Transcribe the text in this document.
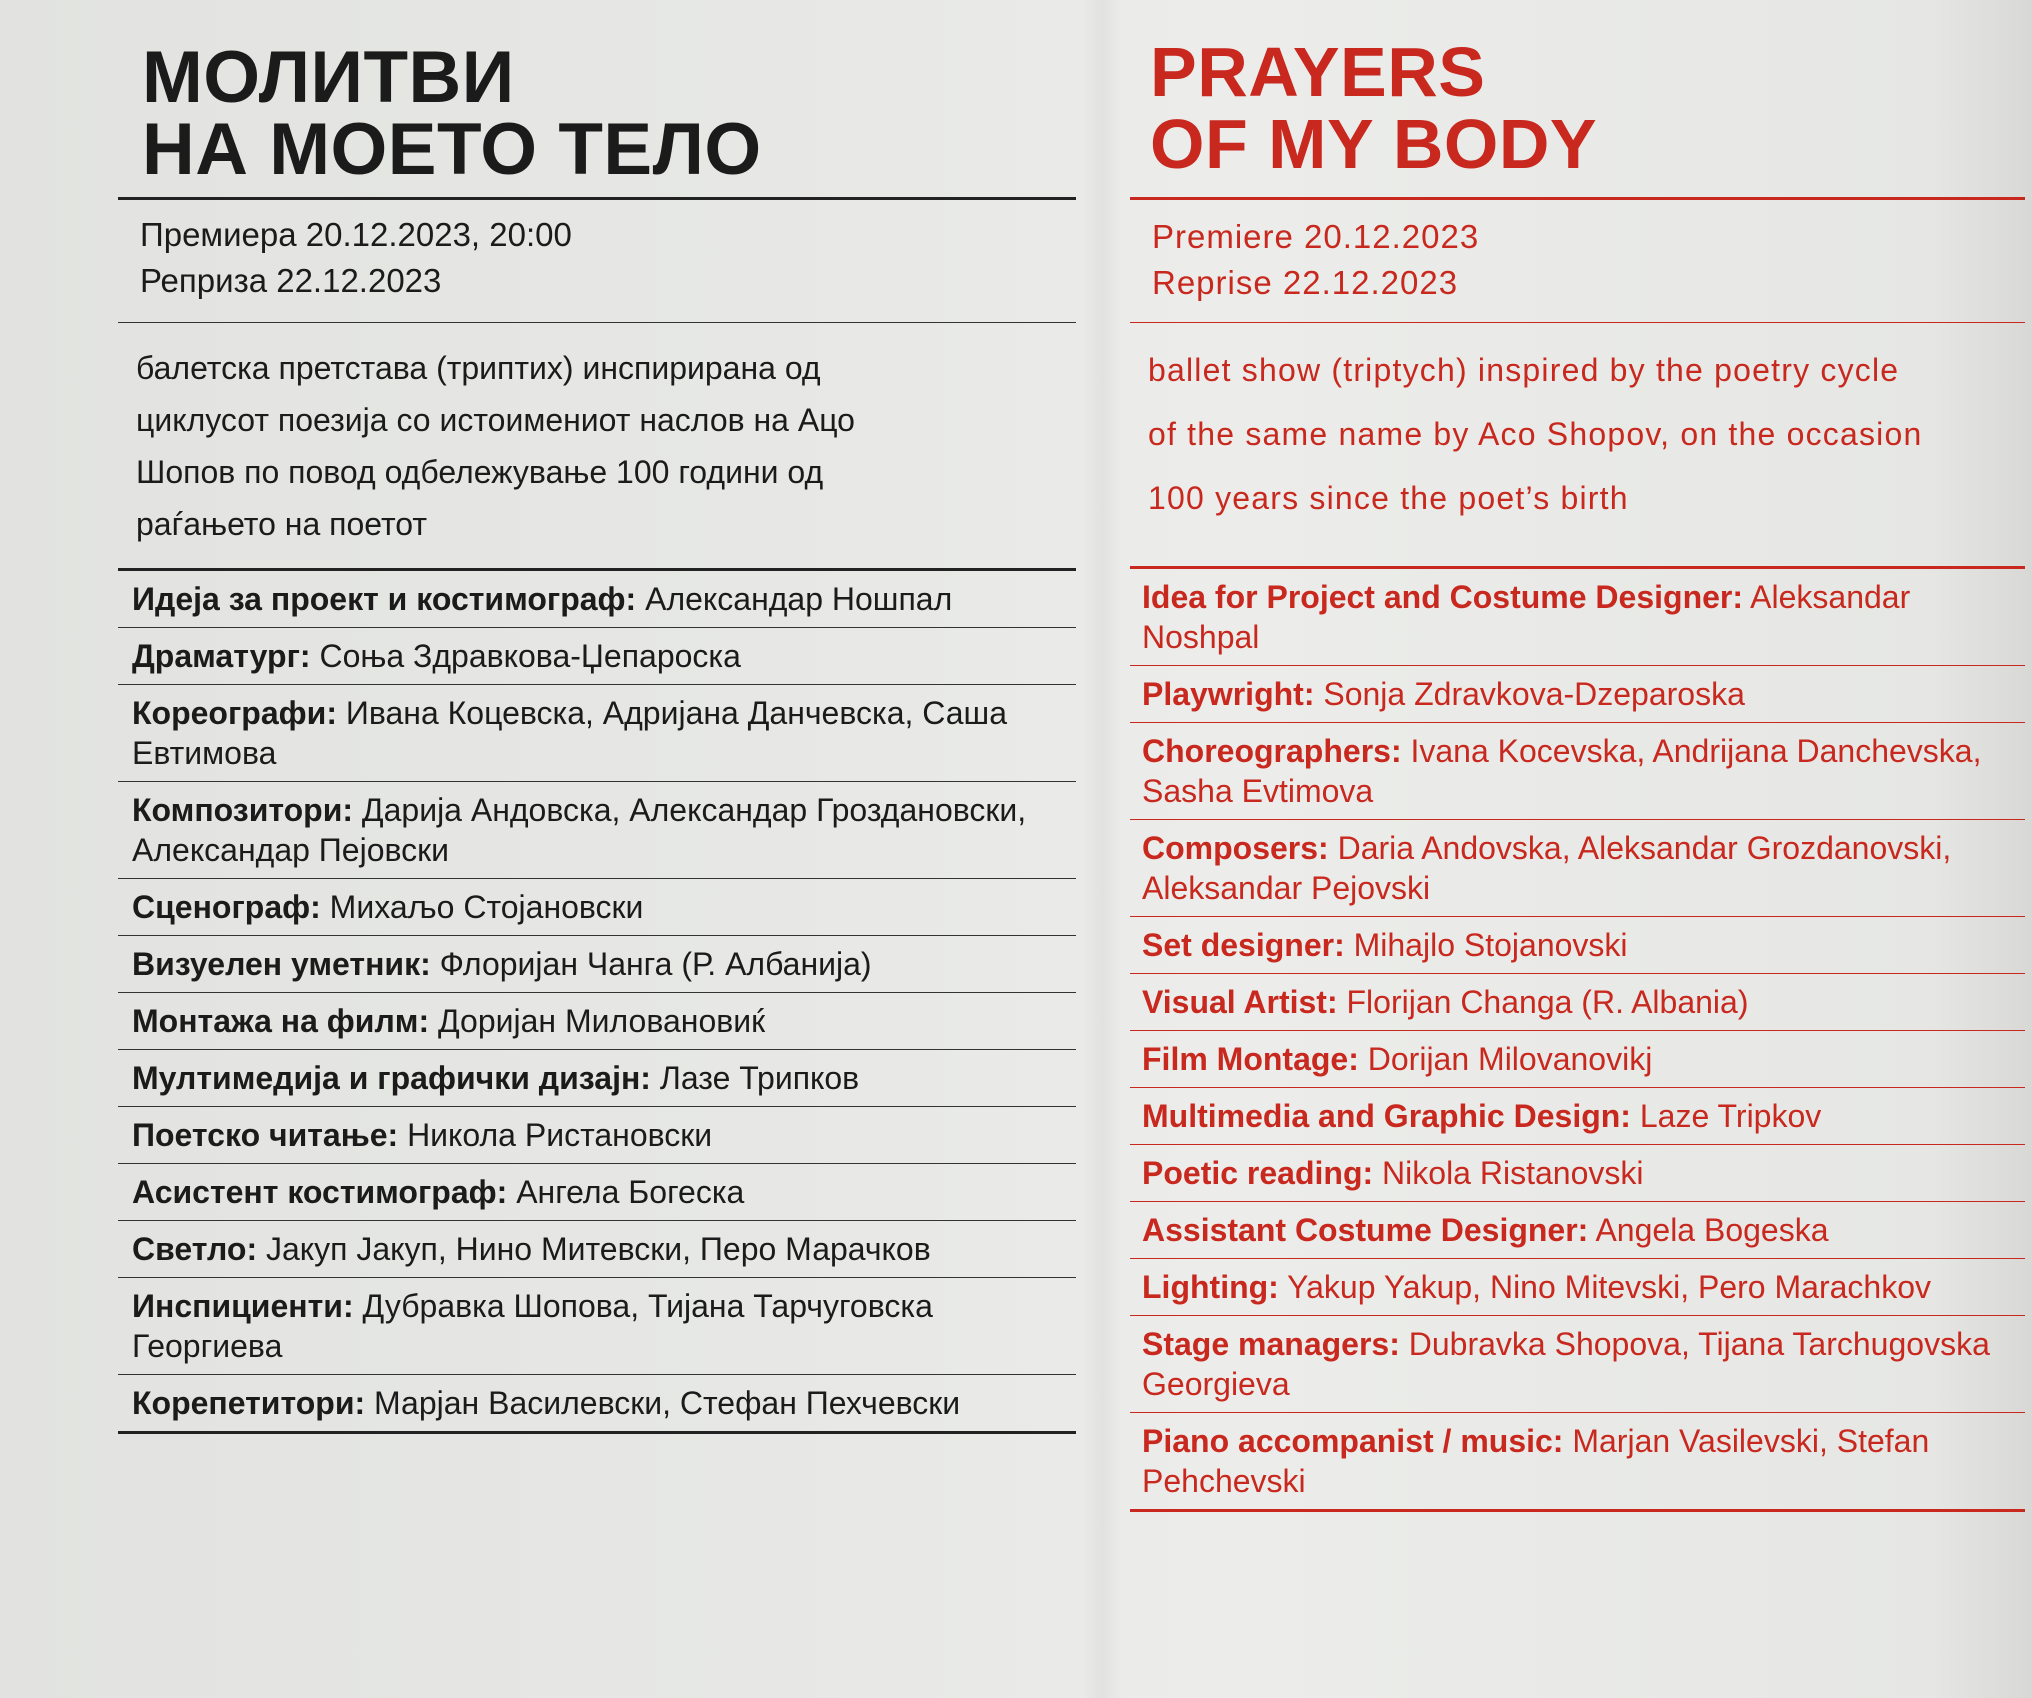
МОЛИТВИ
НА МОЕТО ТЕЛО
Премиера 20.12.2023, 20:00
Реприза 22.12.2023
балетска претстава (триптих) инспирирана од
циклусот поезија со истоимениот наслов на Ацо
Шопов по повод одбележување 100 години од
раѓањето на поетот
Идеја за проект и костимограф: Александар Ношпал
Драматург: Соња Здравкова-Џепароска
Кореографи: Ивана Коцевска, Адријана Данчевска, Саша Евтимова
Композитори: Дарија Андовска, Александар Гроздановски, Александар Пејовски
Сценограф: Михаљо Стојановски
Визуелен уметник: Флоријан Чанга (Р. Албанија)
Монтажа на филм: Доријан Миловановиќ
Мултимедија и графички дизајн: Лазе Трипков
Поетско читање: Никола Ристановски
Асистент костимограф: Ангела Богеска
Светло: Јакуп Јакуп, Нино Митевски, Перо Марачков
Инспициенти: Дубравка Шопова, Тијана Тарчуговска Георгиева
Корепетитори: Марјан Василевски, Стефан Пехчевски
PRAYERS
OF MY BODY
Premiere 20.12.2023
Reprise 22.12.2023
ballet show (triptych) inspired by the poetry cycle
of the same name by Aco Shopov, on the occasion
100 years since the poet’s birth
Idea for Project and Costume Designer: Aleksandar Noshpal
Playwright: Sonja Zdravkova-Dzeparoska
Choreographers: Ivana Kocevska, Andrijana Danchevska, Sasha Evtimova
Composers: Daria Andovska, Aleksandar Grozdanovski, Aleksandar Pejovski
Set designer: Mihajlo Stojanovski
Visual Artist: Florijan Changa (R. Albania)
Film Montage: Dorijan Milovanovikj
Multimedia and Graphic Design: Laze Tripkov
Poetic reading: Nikola Ristanovski
Assistant Costume Designer: Angela Bogeska
Lighting: Yakup Yakup, Nino Mitevski, Pero Marachkov
Stage managers: Dubravka Shopova, Tijana Tarchugovska Georgieva
Piano accompanist / music: Marjan Vasilevski, Stefan Pehchevski
